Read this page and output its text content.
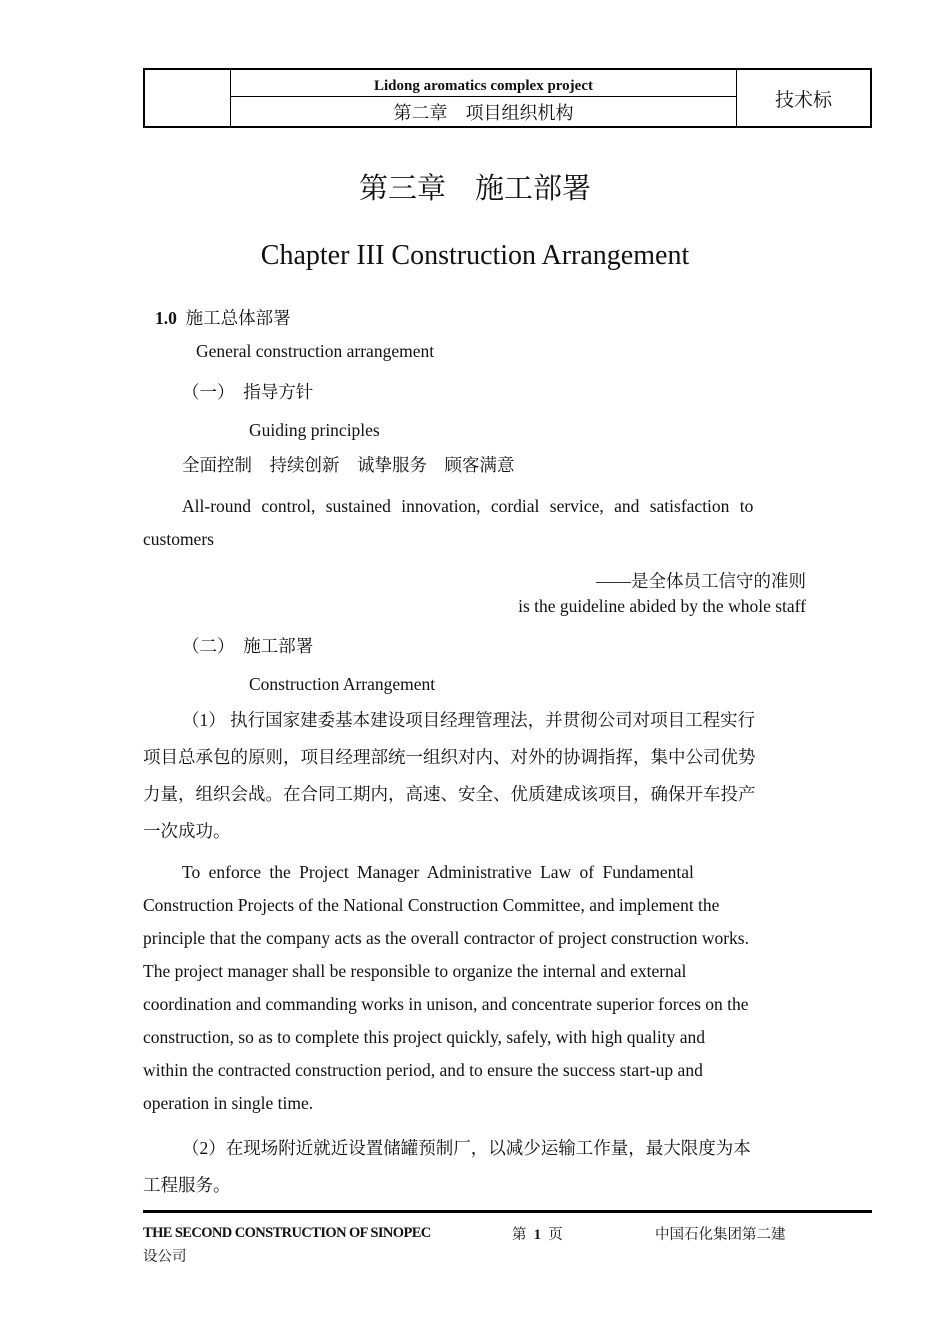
Lidong aromatics complex project
第二章　项目组织机构
技术标
第三章　施工部署
Chapter III Construction Arrangement
1.0 施工总体部署
General construction arrangement
（一）　指导方针
Guiding principles
全面控制　持续创新　诚挚服务　顾客满意
All-round control, sustained innovation, cordial service, and satisfaction to
customers
——是全体员工信守的准则
is the guideline abided by the whole staff
（二）　施工部署
Construction Arrangement
（1） 执行国家建委基本建设项目经理管理法，并贯彻公司对项目工程实行
项目总承包的原则，项目经理部统一组织对内、对外的协调指挥，集中公司优势
力量，组织会战。在合同工期内，高速、安全、优质建成该项目，确保开车投产
一次成功。
To enforce the Project Manager Administrative Law of Fundamental
Construction Projects of the National Construction Committee, and implement the
principle that the company acts as the overall contractor of project construction works.
The project manager shall be responsible to organize the internal and external
coordination and commanding works in unison, and concentrate superior forces on the
construction, so as to complete this project quickly, safely, with high quality and
within the contracted construction period, and to ensure the success start-up and
operation in single time.
（2）在现场附近就近设置储罐预制厂，以减少运输工作量，最大限度为本
工程服务。
THE SECOND CONSTRUCTION OF SINOPEC	第 1 页	中国石化集团第二建
设公司
